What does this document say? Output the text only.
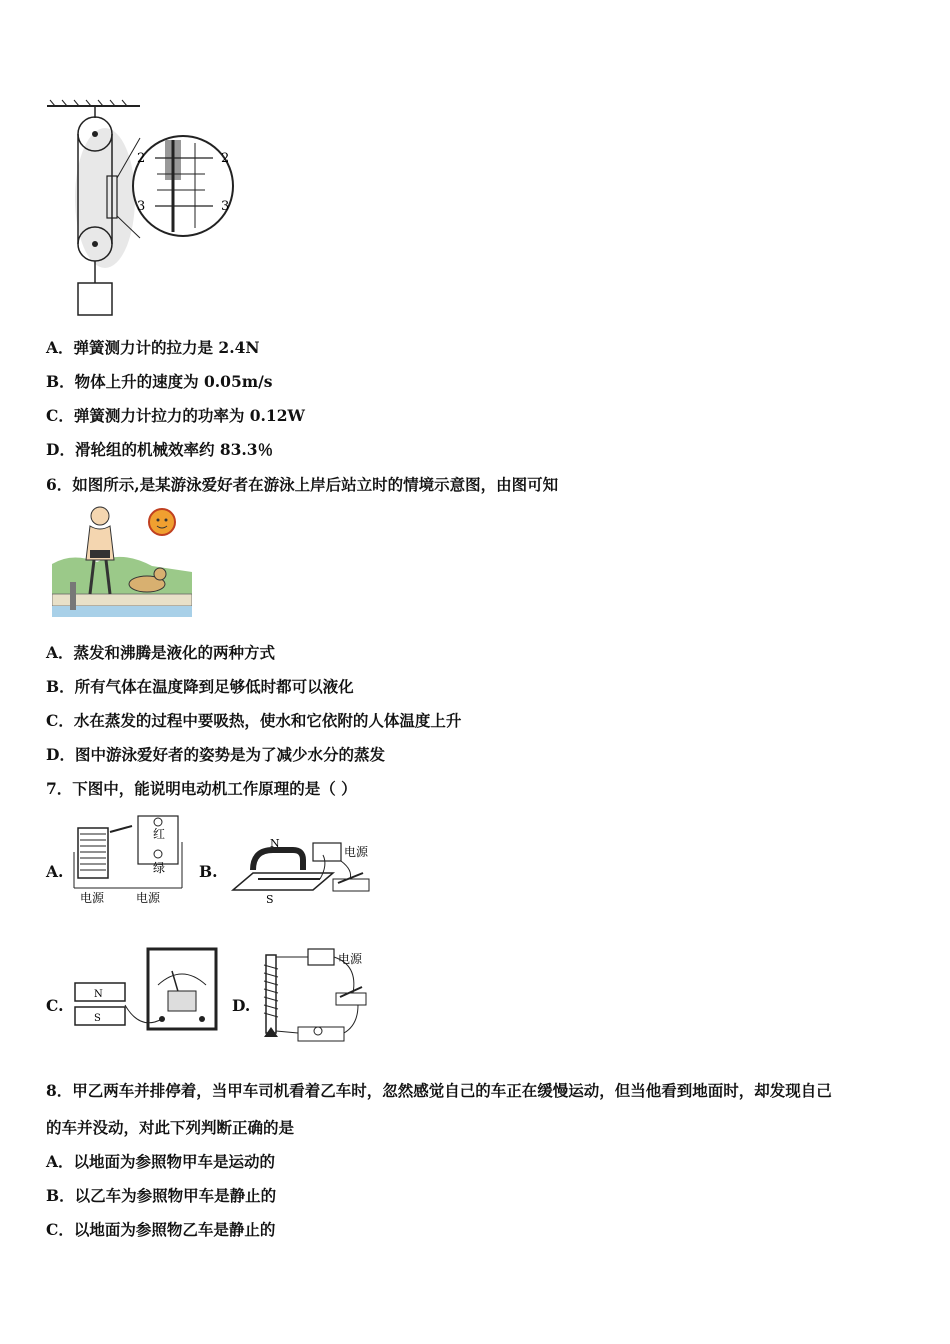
2	2
3	3
A．弹簧测力计的拉力是 2.4N
B．物体上升的速度为 0.05m/s
C．弹簧测力计拉力的功率为 0.12W
D．滑轮组的机械效率约 83.3％
6．如图所示,是某游泳爱好者在游泳上岸后站立时的情境示意图，由图可知
A．蒸发和沸腾是液化的两种方式
B．所有气体在温度降到足够低时都可以液化
C．水在蒸发的过程中要吸热，使水和它依附的人体温度上升
D．图中游泳爱好者的姿势是为了减少水分的蒸发
7．下图中，能说明电动机工作原理的是（ ）
A.
红
绿
电源	电源
B.
N
S
电源
C.
N
S
D.
电源
8．甲乙两车并排停着，当甲车司机看着乙车时，忽然感觉自己的车正在缓慢运动，但当他看到地面时，却发现自己
的车并没动，对此下列判断正确的是
A．以地面为参照物甲车是运动的
B．以乙车为参照物甲车是静止的
C．以地面为参照物乙车是静止的
